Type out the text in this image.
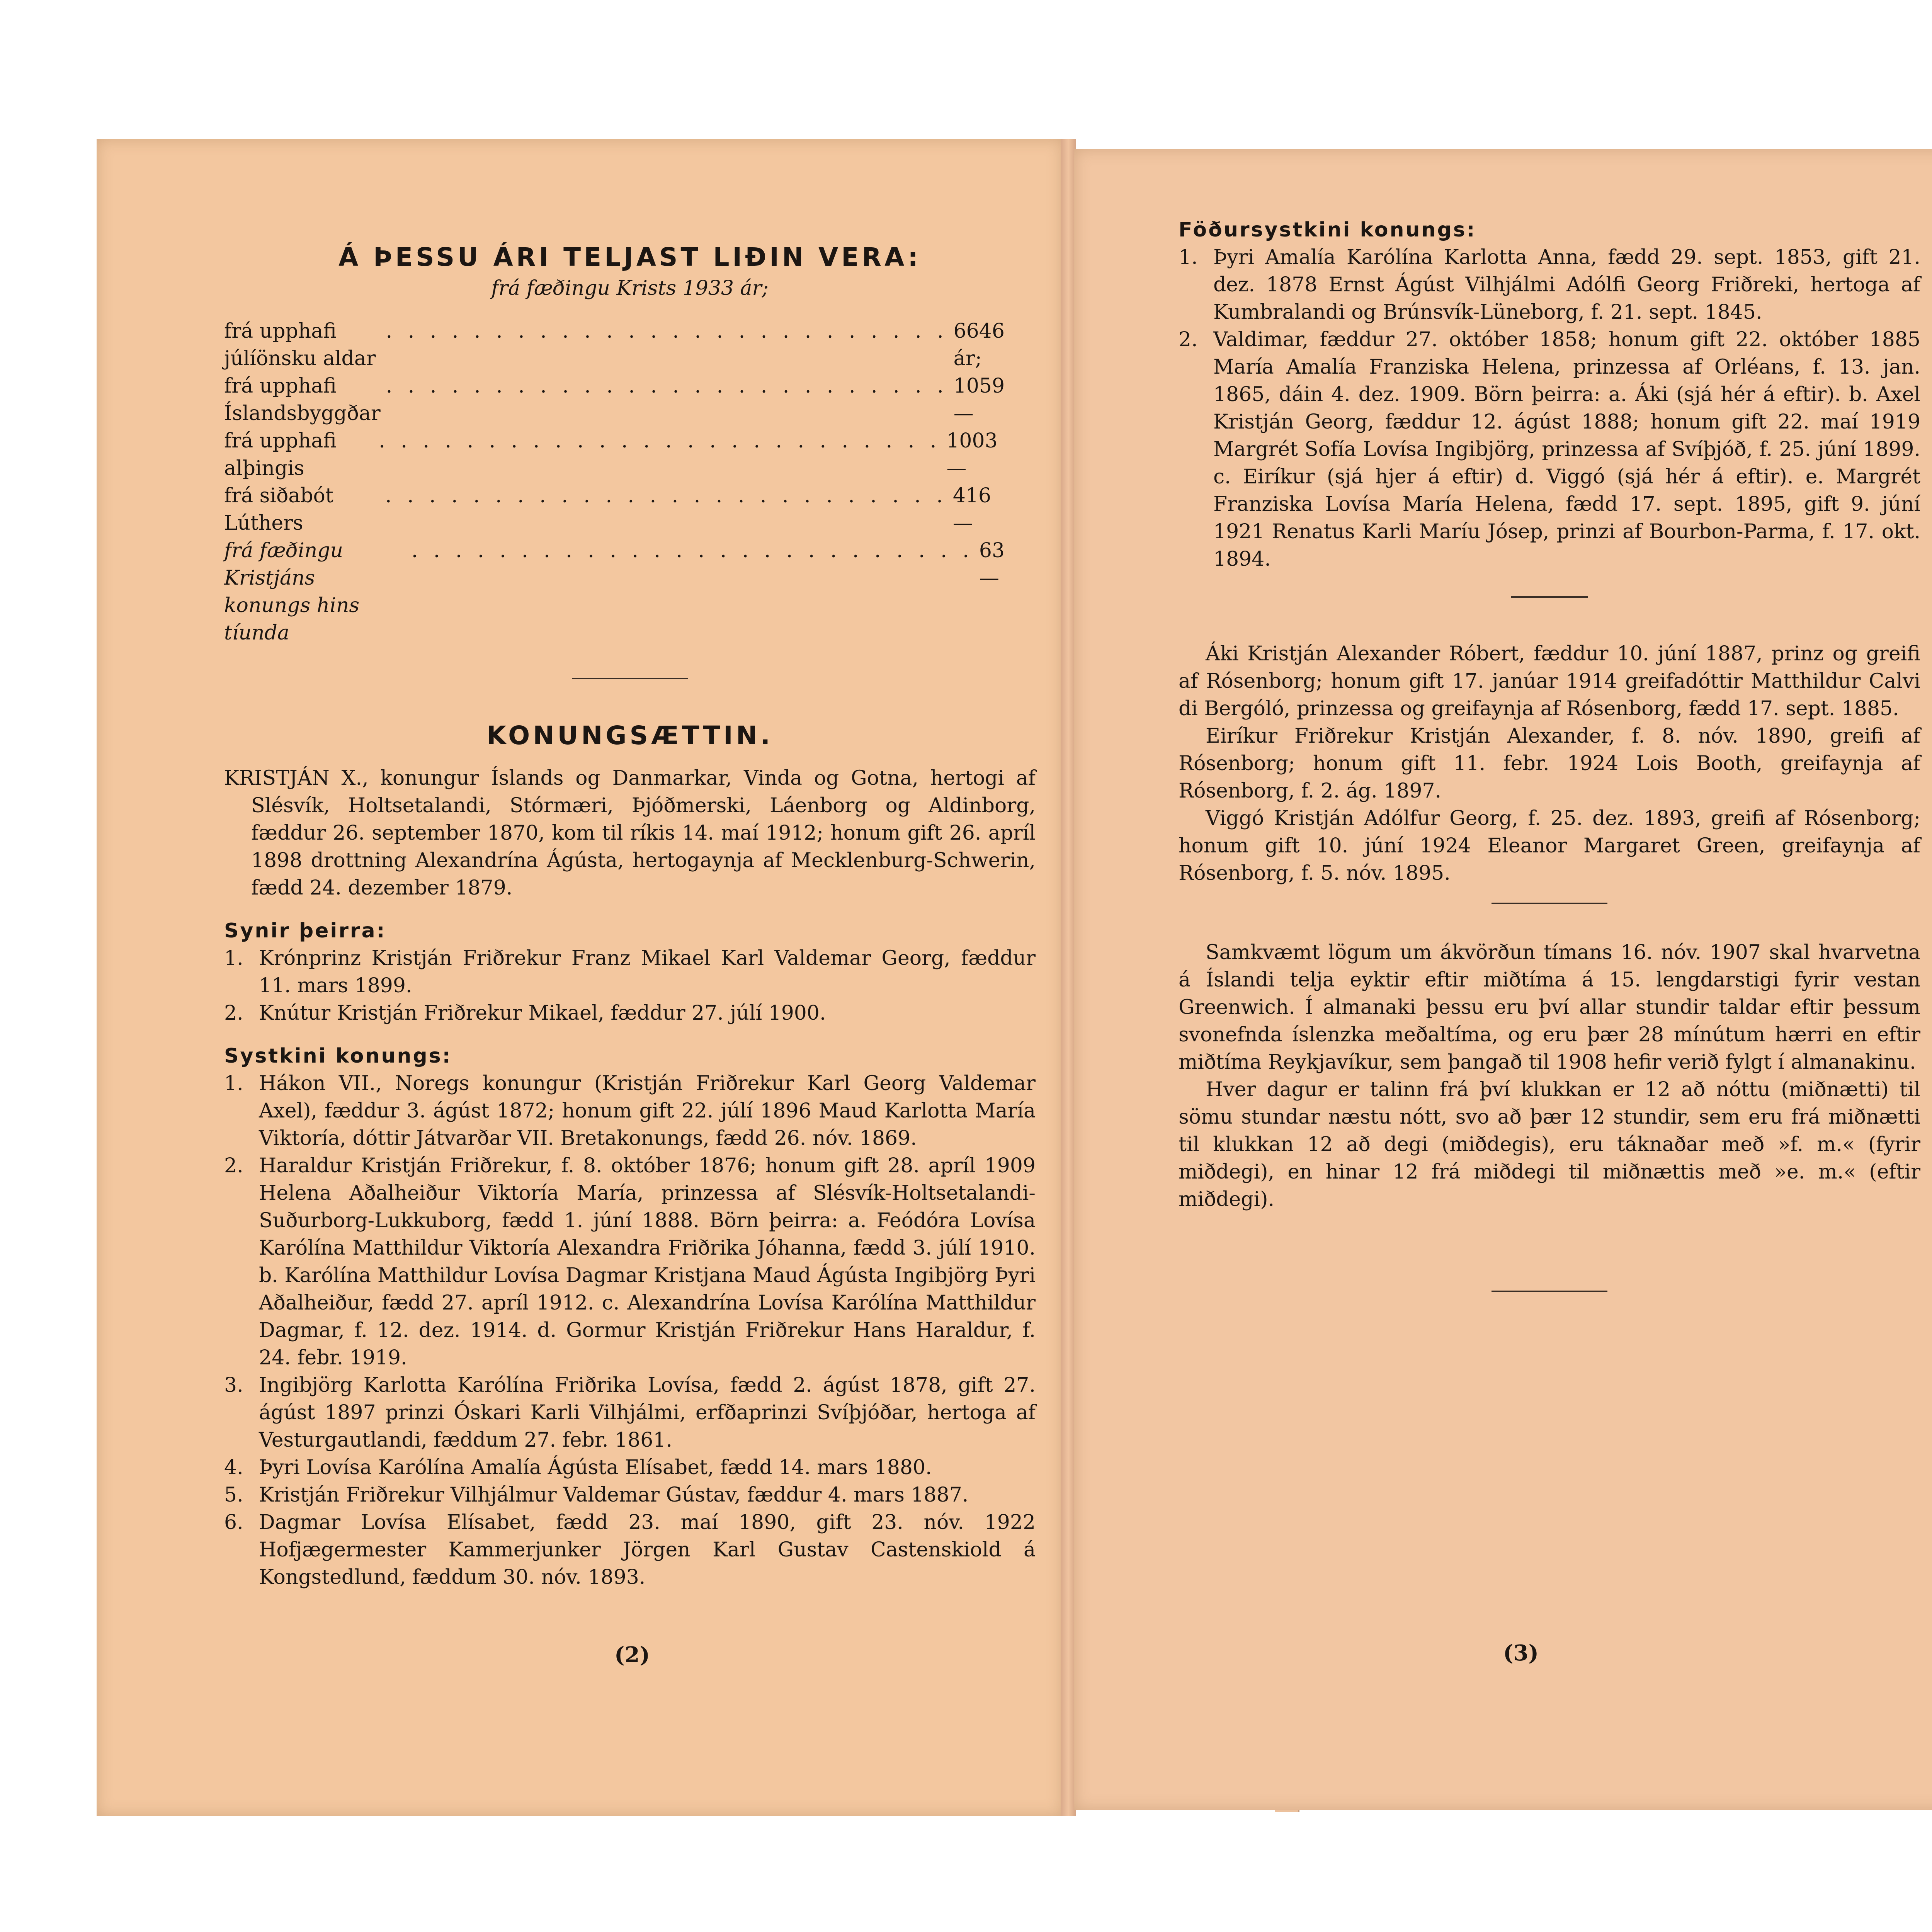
Á ÞESSU ÁRI TELJAST LIÐIN VERA:
frá fæðingu Krists 1933 ár;
frá upphafi júlíönsku aldar
. . . . . . . . . . . . . . . . . . . . . . . . . . 6646 ár;
frá upphafi Íslandsbyggðar
. . . . . . . . . . . . . . . . . . . . . . . . . . 1059 —
frá upphafi alþingis
. . . . . . . . . . . . . . . . . . . . . . . . . . 1003 —
frá siðabót Lúthers
. . . . . . . . . . . . . . . . . . . . . . . . . . 416 —
frá fæðingu Kristjáns konungs hins tíunda
. . . . . . . . . . . . . . . . . . . . . . . . . . 63 —
KONUNGSÆTTIN.

KRISTJÁN X., konungur Íslands og Danmarkar, Vinda og Gotna, hertogi af Slésvík, Holtsetalandi, Stórmæri, Þjóðmerski, Láenborg og Aldinborg, fæddur 26. september 1870, kom til ríkis 14. maí 1912; honum gift 26. apríl 1898 drottning Alexandrína Ágústa, hertogaynja af Mecklenburg-Schwerin, fædd 24. dezember 1879.

Synir þeirra:

1. Krónprinz Kristján Friðrekur Franz Mikael Karl Valdemar Georg, fæddur 11. mars 1899.

2. Knútur Kristján Friðrekur Mikael, fæddur 27. júlí 1900.

Systkini konungs:

1. Hákon VII., Noregs konungur (Kristján Friðrekur Karl Georg Valdemar Axel), fæddur 3. ágúst 1872; honum gift 22. júlí 1896 Maud Karlotta María Viktoría, dóttir Játvarðar VII. Bretakonungs, fædd 26. nóv. 1869.

2. Haraldur Kristján Friðrekur, f. 8. október 1876; honum gift 28. apríl 1909 Helena Aðalheiður Viktoría María, prinzessa af Slésvík-Holtsetalandi-Suðurborg-Lukkuborg, fædd 1. júní 1888. Börn þeirra: a. Feódóra Lovísa Karólína Matthildur Viktoría Alexandra Friðrika Jóhanna, fædd 3. júlí 1910. b. Karólína Matthildur Lovísa Dagmar Kristjana Maud Ágústa Ingibjörg Þyri Aðalheiður, fædd 27. apríl 1912. c. Alexandrína Lovísa Karólína Matthildur Dagmar, f. 12. dez. 1914. d. Gormur Kristján Friðrekur Hans Haraldur, f. 24. febr. 1919.

3. Ingibjörg Karlotta Karólína Friðrika Lovísa, fædd 2. ágúst 1878, gift 27. ágúst 1897 prinzi Óskari Karli Vilhjálmi, erfðaprinzi Svíþjóðar, hertoga af Vesturgautlandi, fæddum 27. febr. 1861.

4. Þyri Lovísa Karólína Amalía Ágústa Elísabet, fædd 14. mars 1880.

5. Kristján Friðrekur Vilhjálmur Valdemar Gústav, fæddur 4. mars 1887.

6. Dagmar Lovísa Elísabet, fædd 23. maí 1890, gift 23. nóv. 1922 Hofjægermester Kammerjunker Jörgen Karl Gustav Castenskiold á Kongstedlund, fæddum 30. nóv. 1893.

(2)
Föðursystkini konungs:

1. Þyri Amalía Karólína Karlotta Anna, fædd 29. sept. 1853, gift 21. dez. 1878 Ernst Ágúst Vilhjálmi Adólfi Georg Friðreki, hertoga af Kumbralandi og Brúnsvík-Lüneborg, f. 21. sept. 1845.

2. Valdimar, fæddur 27. október 1858; honum gift 22. október 1885 María Amalía Franziska Helena, prinzessa af Orléans, f. 13. jan. 1865, dáin 4. dez. 1909. Börn þeirra: a. Áki (sjá hér á eftir). b. Axel Kristján Georg, fæddur 12. ágúst 1888; honum gift 22. maí 1919 Margrét Sofía Lovísa Ingibjörg, prinzessa af Svíþjóð, f. 25. júní 1899. c. Eiríkur (sjá hjer á eftir) d. Viggó (sjá hér á eftir). e. Margrét Franziska Lovísa María Helena, fædd 17. sept. 1895, gift 9. júní 1921 Renatus Karli Maríu Jósep, prinzi af Bourbon-Parma, f. 17. okt. 1894.

Áki Kristján Alexander Róbert, fæddur 10. júní 1887, prinz og greifi af Rósenborg; honum gift 17. janúar 1914 greifadóttir Matthildur Calvi di Bergóló, prinzessa og greifaynja af Rósenborg, fædd 17. sept. 1885.

Eiríkur Friðrekur Kristján Alexander, f. 8. nóv. 1890, greifi af Rósenborg; honum gift 11. febr. 1924 Lois Booth, greifaynja af Rósenborg, f. 2. ág. 1897.

Viggó Kristján Adólfur Georg, f. 25. dez. 1893, greifi af Rósenborg; honum gift 10. júní 1924 Eleanor Margaret Green, greifaynja af Rósenborg, f. 5. nóv. 1895.

Samkvæmt lögum um ákvörðun tímans 16. nóv. 1907 skal hvarvetna á Íslandi telja eyktir eftir miðtíma á 15. lengdarstigi fyrir vestan Greenwich. Í almanaki þessu eru því allar stundir taldar eftir þessum svonefnda íslenzka meðaltíma, og eru þær 28 mínútum hærri en eftir miðtíma Reykjavíkur, sem þangað til 1908 hefir verið fylgt í almanakinu.

Hver dagur er talinn frá því klukkan er 12 að nóttu (miðnætti) til sömu stundar næstu nótt, svo að þær 12 stundir, sem eru frá miðnætti til klukkan 12 að degi (miðdegis), eru táknaðar með »f. m.« (fyrir miðdegi), en hinar 12 frá miðdegi til miðnættis með »e. m.« (eftir miðdegi).

(3)
